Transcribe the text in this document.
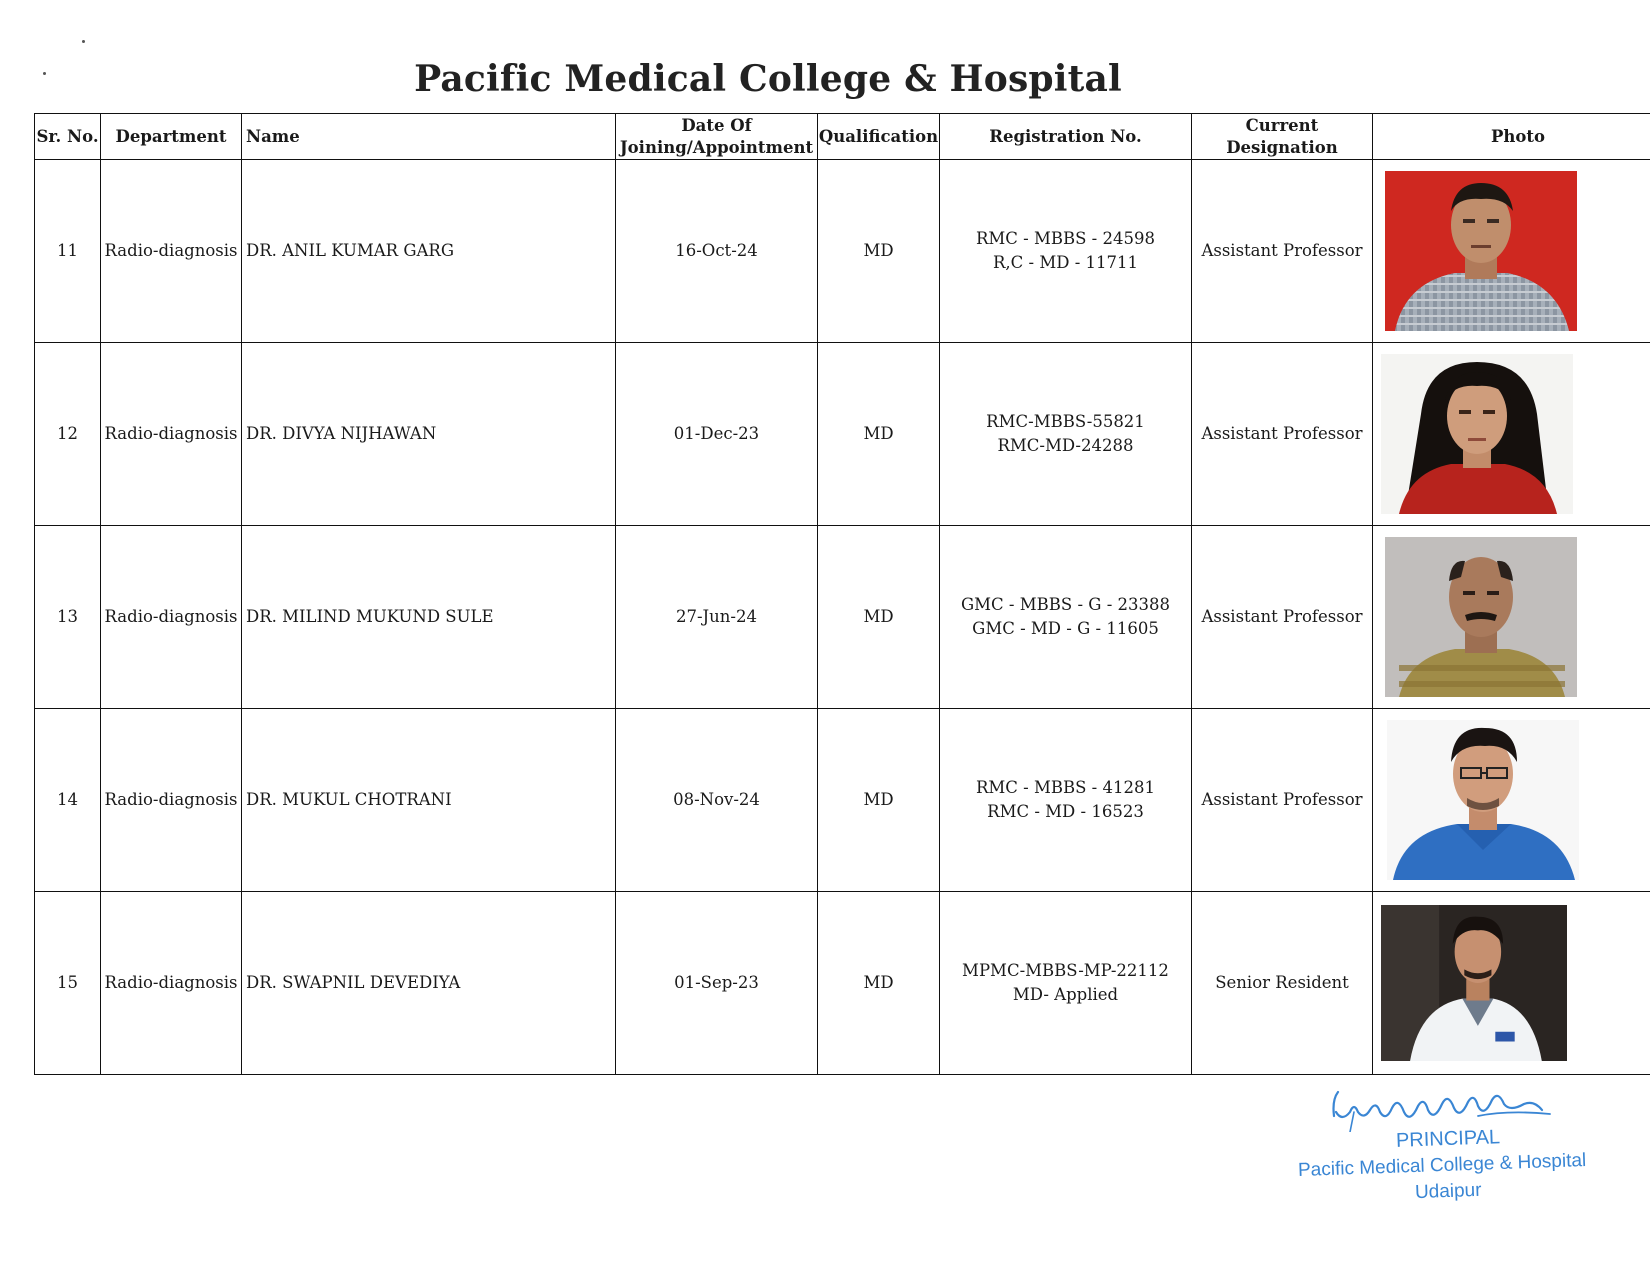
Pacific Medical College & Hospital
Sr. No.	Department	Name	Date Of
Joining/Appointment	Qualification	Registration No.	Current Designation	Photo
11	Radio-diagnosis	DR. ANIL KUMAR GARG	16-Oct-24	MD	RMC - MBBS - 24598
R,C - MD - 11711	Assistant Professor	

12	Radio-diagnosis	DR. DIVYA NIJHAWAN	01-Dec-23	MD	RMC-MBBS-55821
RMC-MD-24288	Assistant Professor	

13	Radio-diagnosis	DR. MILIND MUKUND SULE	27-Jun-24	MD	GMC - MBBS - G - 23388
GMC - MD - G - 11605	Assistant Professor	

14	Radio-diagnosis	DR. MUKUL CHOTRANI	08-Nov-24	MD	RMC - MBBS - 41281
RMC - MD - 16523	Assistant Professor	

15	Radio-diagnosis	DR. SWAPNIL DEVEDIYA	01-Sep-23	MD	MPMC-MBBS-MP-22112
MD- Applied	Senior Resident	
PRINCIPAL
Pacific Medical College & Hospital
Udaipur
